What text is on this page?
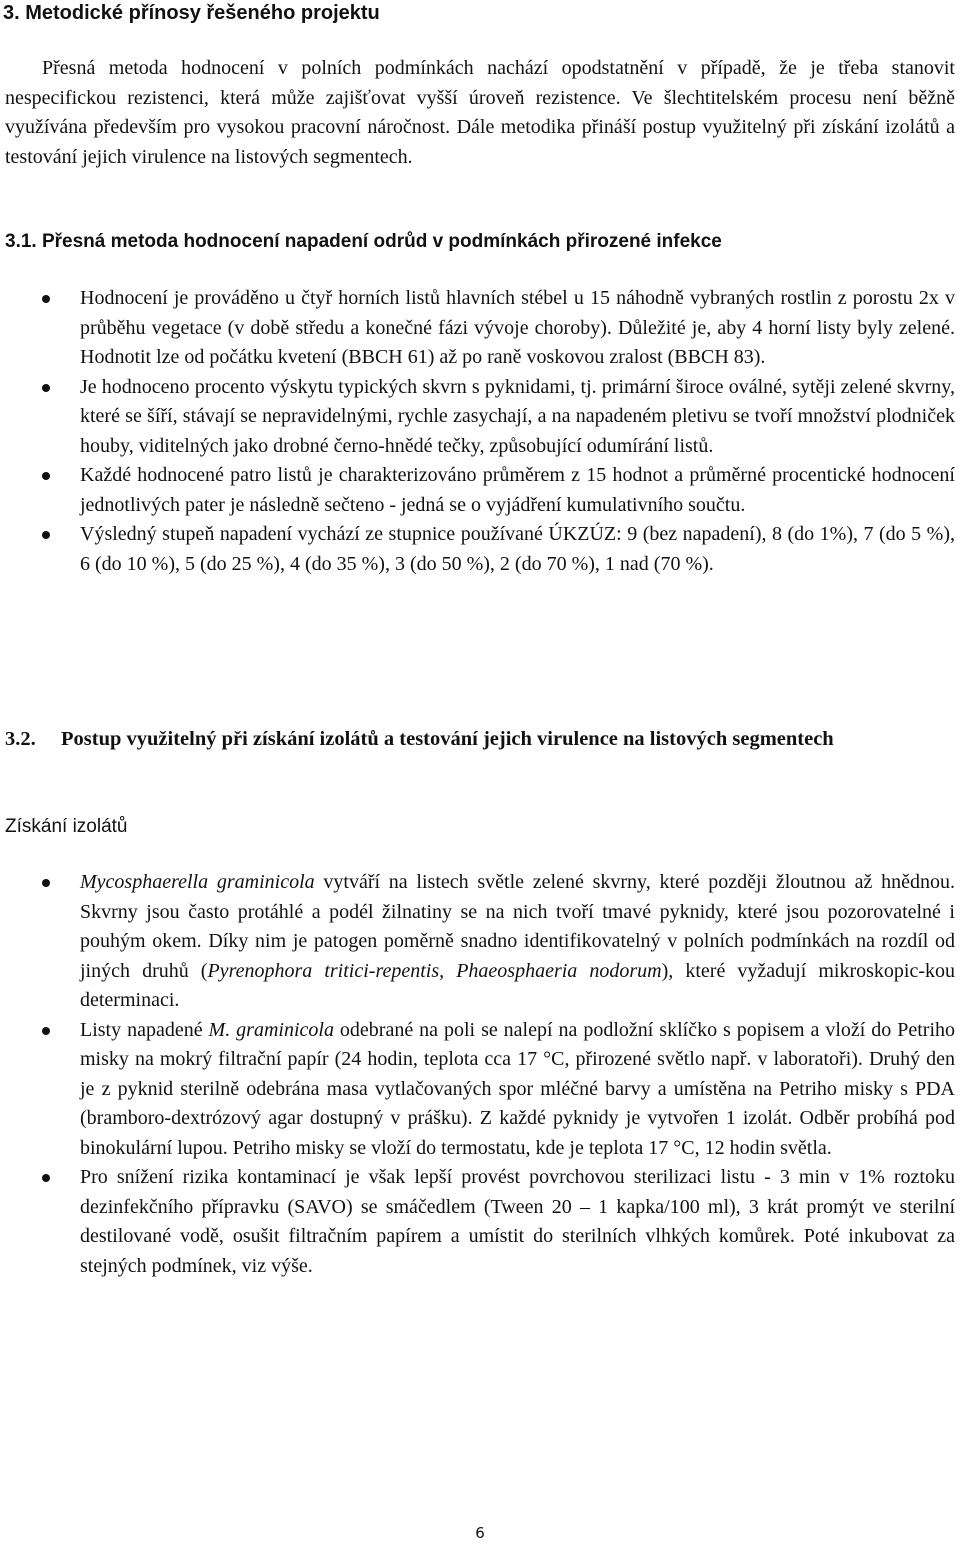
3. Metodické přínosy řešeného projektu

Přesná metoda hodnocení v polních podmínkách nachází opodstatnění v případě, že je třeba stanovit nespecifickou rezistenci, která může zajišťovat vyšší úroveň rezistence. Ve šlechtitelském procesu není běžně využívána především pro vysokou pracovní náročnost. Dále metodika přináší postup využitelný při získání izolátů a testování jejich virulence na listových segmentech.

3.1. Přesná metoda hodnocení napadení odrůd v podmínkách přirozené infekce
Hodnocení je prováděno u čtyř horních listů hlavních stébel u 15 náhodně vybraných rostlin z porostu 2x v průběhu vegetace (v době středu a konečné fázi vývoje choroby). Důležité je, aby 4 horní listy byly zelené. Hodnotit lze od počátku kvetení (BBCH 61) až po raně voskovou zralost (BBCH 83).
Je hodnoceno procento výskytu typických skvrn s pyknidami, tj. primární široce oválné, sytěji zelené skvrny, které se šíří, stávají se nepravidelnými, rychle zasychají, a na napadeném pletivu se tvoří množství plodniček houby, viditelných jako drobné černo-hnědé tečky, způsobující odumírání listů.
Každé hodnocené patro listů je charakterizováno průměrem z 15 hodnot a průměrné procentické hodnocení jednotlivých pater je následně sečteno - jedná se o vyjádření kumulativního součtu.
Výsledný stupeň napadení vychází ze stupnice používané ÚKZÚZ: 9 (bez napadení), 8 (do 1%), 7 (do 5 %), 6 (do 10 %), 5 (do 25 %), 4 (do 35 %), 3 (do 50 %), 2 (do 70 %), 1 nad (70 %).
3.2. Postup využitelný při získání izolátů a testování jejich virulence na listových segmentech
Získání izolátů
Mycosphaerella graminicola vytváří na listech světle zelené skvrny, které později žloutnou až hnědnou. Skvrny jsou často protáhlé a podél žilnatiny se na nich tvoří tmavé pyknidy, které jsou pozorovatelné i pouhým okem. Díky nim je patogen poměrně snadno identifikovatelný v polních podmínkách na rozdíl od jiných druhů (Pyrenophora tritici-repentis, Phaeosphaeria nodorum), které vyžadují mikroskopic-kou determinaci.
Listy napadené M. graminicola odebrané na poli se nalepí na podložní sklíčko s popisem a vloží do Petriho misky na mokrý filtrační papír (24 hodin, teplota cca 17 °C, přirozené světlo např. v laboratoři). Druhý den je z pyknid sterilně odebrána masa vytlačovaných spor mléčné barvy a umístěna na Petriho misky s PDA (bramboro-dextrózový agar dostupný v prášku). Z každé pyknidy je vytvořen 1 izolát. Odběr probíhá pod binokulární lupou. Petriho misky se vloží do termostatu, kde je teplota 17 °C, 12 hodin světla.
Pro snížení rizika kontaminací je však lepší provést povrchovou sterilizaci listu - 3 min v 1% roztoku dezinfekčního přípravku (SAVO) se smáčedlem (Tween 20 – 1 kapka/100 ml), 3 krát promýt ve sterilní destilované vodě, osušit filtračním papírem a umístit do sterilních vlhkých komůrek. Poté inkubovat za stejných podmínek, viz výše.
6
